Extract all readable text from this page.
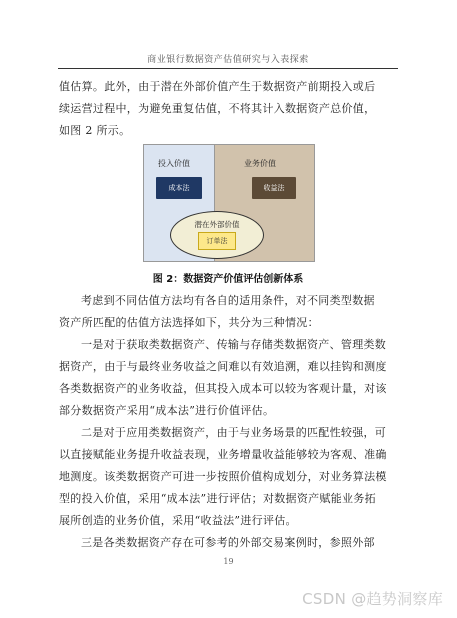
商业银行数据资产估值研究与入表探索
值估算。此外，由于潜在外部价值产生于数据资产前期投入或后
续运营过程中，为避免重复估值，不将其计入数据资产总价值，
如图 2 所示。
投入价值
成本法
业务价值
收益法
潜在外部价值
订单法
图 2：数据资产价值评估创新体系
考虑到不同估值方法均有各自的适用条件，对不同类型数据
资产所匹配的估值方法选择如下，共分为三种情况：
一是对于获取类数据资产、传输与存储类数据资产、管理类数
据资产，由于与最终业务收益之间难以有效追溯，难以挂钩和测度
各类数据资产的业务收益，但其投入成本可以较为客观计量，对该
部分数据资产采用“成本法”进行价值评估。
二是对于应用类数据资产，由于与业务场景的匹配性较强，可
以直接赋能业务提升收益表现，业务增量收益能够较为客观、准确
地测度。该类数据资产可进一步按照价值构成划分，对业务算法模
型的投入价值，采用“成本法”进行评估；对数据资产赋能业务拓
展所创造的业务价值，采用“收益法”进行评估。
三是各类数据资产存在可参考的外部交易案例时，参照外部
19
CSDN @趋势洞察库
